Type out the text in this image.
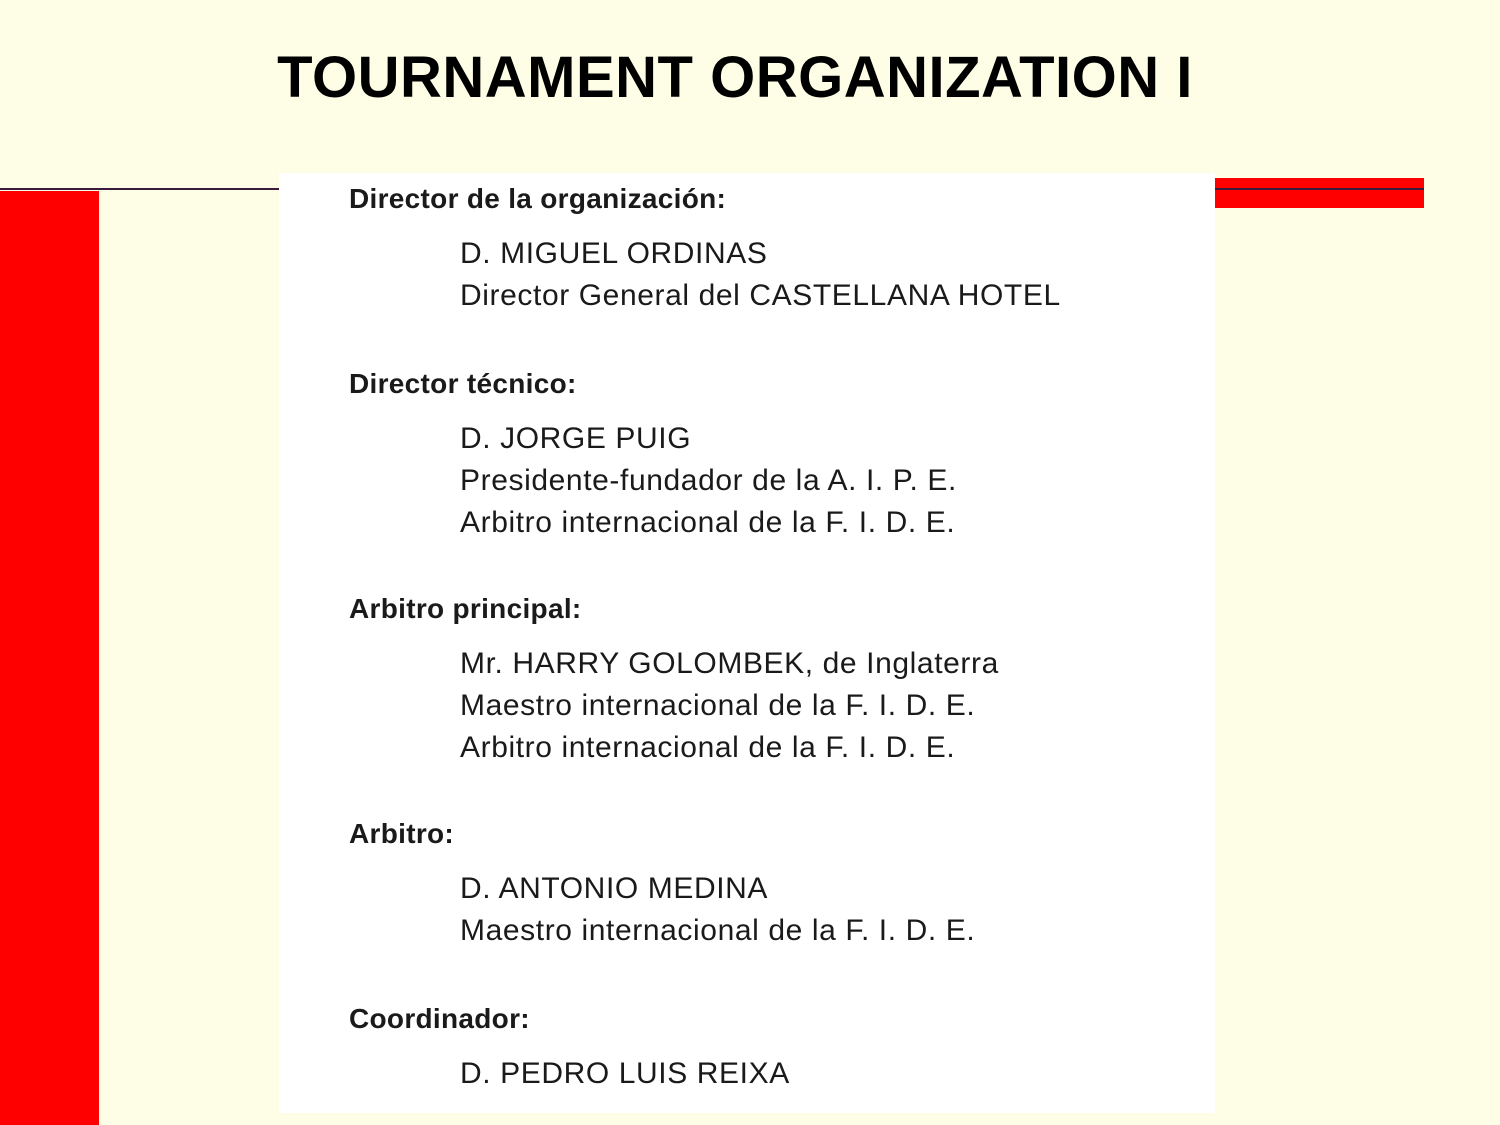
TOURNAMENT ORGANIZATION I
Director de la organización:
D. MIGUEL ORDINAS
Director General del CASTELLANA HOTEL
Director técnico:
D. JORGE PUIG
Presidente-fundador de la A. I. P. E.
Arbitro internacional de la F. I. D. E.
Arbitro principal:
Mr. HARRY GOLOMBEK, de Inglaterra
Maestro internacional de la F. I. D. E.
Arbitro internacional de la F. I. D. E.
Arbitro:
D. ANTONIO MEDINA
Maestro internacional de la F. I. D. E.
Coordinador:
D. PEDRO LUIS REIXA
